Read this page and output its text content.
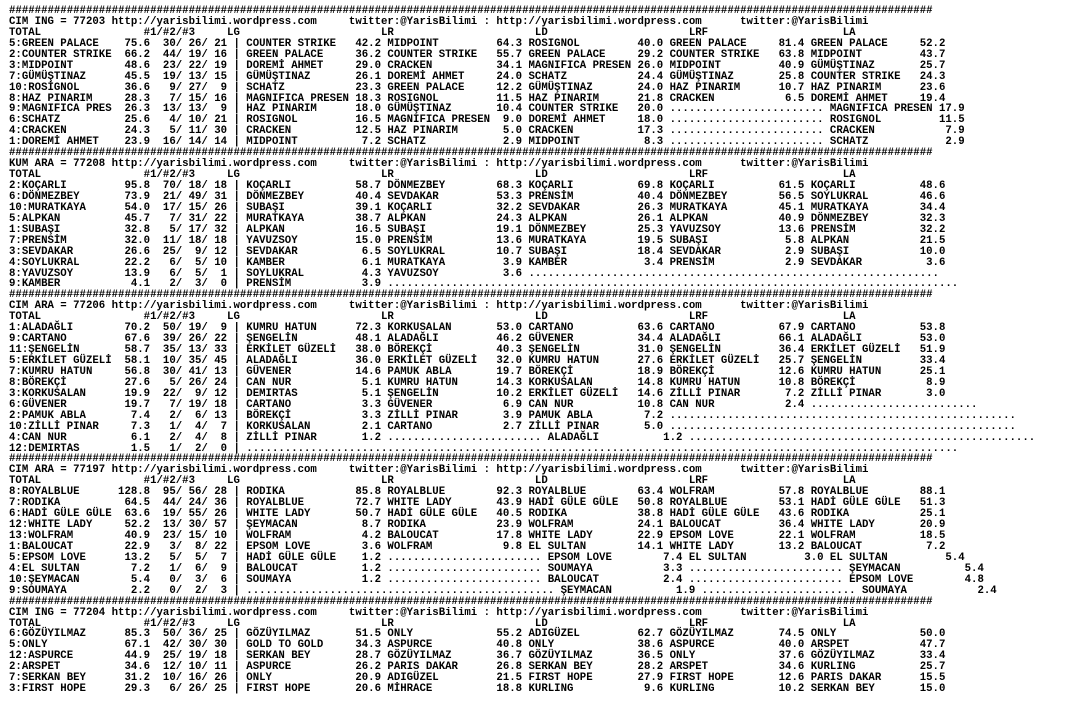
################################################################################################################################################
CIM ING = 77203 http://yarisbilimi.wordpress.com     twitter:@YarisBilimi : http://yarisbilimi.wordpress.com      twitter:@YarisBilimi
TOTAL                #1/#2/#3     LG                      LR                      LD                      LRF                     LA
5:GREEN PALACE    75.6  30/ 26/ 21 | COUNTER STRIKE   42.2 MIDPOINT         64.3 ROSIGNOL         40.0 GREEN PALACE     81.4 GREEN PALACE     52.2
2:COUNTER STRIKE  66.2  44/ 19/ 16 | GREEN PALACE     36.2 COUNTER STRIKE   55.7 GREEN PALACE     29.2 COUNTER STRIKE   63.8 MIDPOINT         43.7
3:MIDPOINT        48.6  23/ 22/ 19 | DOREMİ AHMET     29.0 CRACKEN          34.1 MAGNIFICA PRESEN 26.0 MIDPOINT         40.9 GÜMÜŞTINAZ       25.7
7:GÜMÜŞTINAZ      45.5  19/ 13/ 15 | GÜMÜŞTINAZ       26.1 DOREMİ AHMET     24.0 SCHATZ           24.4 GÜMÜŞTINAZ       25.8 COUNTER STRIKE   24.3
10:ROSİGNOL       36.6   9/ 27/  9 | SCHATZ           23.3 GREEN PALACE     12.2 GÜMÜŞTINAZ       24.0 HAZ PINARIM      10.7 HAZ PINARIM      23.6
8:HAZ PINARIM     28.3   7/ 15/ 16 | MAGNIFICA PRESEN 18.3 ROSIGNOL         11.5 HAZ PINARIM      21.8 CRACKEN           6.5 DOREMİ AHMET     19.4
9:MAGNIFICA PRES  26.3  13/ 13/  9 | HAZ PINARIM      18.0 GÜMÜŞTINAZ       10.4 COUNTER STRIKE   20.0 ........................ MAGNIFICA PRESEN 17.9
6:SCHATZ          25.6   4/ 10/ 21 | ROSIGNOL         16.5 MAGNIFICA PRESEN  9.0 DOREMİ AHMET     18.0 ........................ ROSIGNOL         11.5
4:CRACKEN         24.3   5/ 11/ 30 | CRACKEN          12.5 HAZ PINARIM       5.0 CRACKEN          17.3 ........................ CRACKEN           7.9
1:DOREMİ AHMET    23.9  16/ 14/ 14 | MIDPOINT          7.2 SCHATZ            2.9 MIDPOINT          8.3 ........................ SCHATZ            2.9
################################################################################################################################################
KUM ARA = 77208 http://yarisbilimi.wordpress.com     twitter:@YarisBilimi : http://yarisbilimi.wordpress.com      twitter:@YarisBilimi
TOTAL                #1/#2/#3     LG                      LR                      LD                      LRF                     LA
2:KOÇARLI         95.8  70/ 18/ 18 | KOÇARLI          58.7 DÖNMEZBEY        68.3 KOÇARLI          69.8 KOÇARLI          61.5 KOÇARLI          48.6
6:DÖNMEZBEY       73.9  21/ 49/ 31 | DÖNMEZBEY        40.4 SEVDAKAR         53.3 PRENSİM          40.4 DÖNMEZBEY        56.5 SOYLUKRAL        46.6
10:MURATKAYA      54.0  17/ 15/ 26 | SUBAŞI           39.1 KOÇARLI          32.2 SEVDAKAR         26.3 MURATKAYA        45.1 MURATKAYA        34.4
5:ALPKAN          45.7   7/ 31/ 22 | MURATKAYA        38.7 ALPKAN           24.3 ALPKAN           26.1 ALPKAN           40.9 DÖNMEZBEY        32.3
1:SUBAŞI          32.8   5/ 17/ 32 | ALPKAN           16.5 SUBAŞI           19.1 DÖNMEZBEY        25.3 YAVUZSOY         13.6 PRENSİM          32.2
7:PRENSİM         32.0  11/ 18/ 18 | YAVUZSOY         15.0 PRENSİM          13.6 MURATKAYA        19.5 SUBAŞI            5.8 ALPKAN           21.5
3:SEVDAKAR        26.6  25/  9/ 12 | SEVDAKAR          6.5 SOYLUKRAL        10.7 SUBAŞI           18.4 SEVDAKAR          2.9 SUBAŞI           10.0
4:SOYLUKRAL       22.2   6/  5/ 10 | KAMBER            6.1 MURATKAYA         3.9 KAMBER            3.4 PRENSİM           2.9 SEVDAKAR          3.6
8:YAVUZSOY        13.9   6/  5/  1 | SOYLUKRAL         4.3 YAVUZSOY          3.6 ................................................................
9:KAMBER           4.1   2/  3/  0 | PRENSİM           3.9 .........................................................................................
################################################################################################################################################
CIM ARA = 77206 http://yarisbilimi.wordpress.com     twitter:@YarisBilimi : http://yarisbilimi.wordpress.com      twitter:@YarisBilimi
TOTAL                #1/#2/#3     LG                      LR                      LD                      LRF                     LA
1:ALADAĞLI        70.2  50/ 19/  9 | KUMRU HATUN      72.3 KORKUSALAN       53.0 CARTANO          63.6 CARTANO          67.9 CARTANO          53.8
9:CARTANO         67.6  39/ 26/ 22 | ŞENGELİN         48.1 ALADAĞLI         46.2 GÜVENER          34.4 ALADAĞLI         66.1 ALADAĞLI         53.0
11:ŞENGELİN       58.7  35/ 13/ 33 | ERKİLET GÜZELİ   38.0 BÖREKÇİ          40.3 ŞENGELİN         31.0 ŞENGELİN         36.4 ERKİLET GÜZELİ   51.9
5:ERKİLET GÜZELİ  58.1  10/ 35/ 45 | ALADAĞLI         36.0 ERKİLET GÜZELİ   32.0 KUMRU HATUN      27.6 ERKİLET GÜZELİ   25.7 ŞENGELİN         33.4
7:KUMRU HATUN     56.8  30/ 41/ 13 | GÜVENER          14.6 PAMUK ABLA       19.7 BÖREKÇİ          18.9 BÖREKÇİ          12.6 KUMRU HATUN      25.1
8:BÖREKÇİ         27.6   5/ 26/ 24 | CAN NUR           5.1 KUMRU HATUN      14.3 KORKUSALAN       14.8 KUMRU HATUN      10.8 BÖREKÇİ           8.9
3:KORKUSALAN      19.9  22/  9/ 12 | DEMIRTAS          5.1 ŞENGELİN         10.2 ERKİLET GÜZELİ   14.6 ZİLLİ PINAR       7.2 ZİLLİ PINAR       3.0
6:GÜVENER         19.7   7/ 19/ 18 | CARTANO           3.3 GÜVENER           6.9 CAN NUR          10.8 CAN NUR           2.4 ..........................
2:PAMUK ABLA       7.4   2/  6/ 13 | BÖREKÇİ           3.3 ZİLLİ PINAR       3.9 PAMUK ABLA        7.2 ......................................................
10:ZİLLİ PINAR     7.3   1/  4/  7 | KORKUSALAN        2.1 CARTANO           2.7 ZİLLİ PINAR       5.0 ......................................................
4:CAN NUR          6.1   2/  4/  8 | ZİLLİ PINAR       1.2 ........................ ALADAĞLI          1.2 ......................................................
12:DEMIRTAS        1.5   1/  2/  0 | ...............................................................................................................
################################################################################################################################################
CIM ARA = 77197 http://yarisbilimi.wordpress.com     twitter:@YarisBilimi : http://yarisbilimi.wordpress.com      twitter:@YarisBilimi
TOTAL                #1/#2/#3     LG                      LR                      LD                      LRF                     LA
8:ROYALBLUE      128.8  95/ 56/ 28 | RODIKA           85.8 ROYALBLUE        92.3 ROYALBLUE        63.4 WOLFRAM          57.8 ROYALBLUE        88.1
7:RODIKA          64.5  44/ 24/ 36 | ROYALBLUE        72.7 WHITE LADY       43.9 HADİ GÜLE GÜLE   50.8 ROYALBLUE        53.1 HADİ GÜLE GÜLE   51.3
6:HADİ GÜLE GÜLE  63.6  19/ 55/ 26 | WHITE LADY       50.7 HADİ GÜLE GÜLE   40.5 RODIKA           38.8 HADİ GÜLE GÜLE   43.6 RODIKA           25.1
12:WHITE LADY     52.2  13/ 30/ 57 | ŞEYMACAN          8.7 RODIKA           23.9 WOLFRAM          24.1 BALOUCAT         36.4 WHITE LADY       20.9
13:WOLFRAM        40.9  23/ 15/ 10 | WOLFRAM           4.2 BALOUCAT         17.8 WHITE LADY       22.9 EPSOM LOVE       22.1 WOLFRAM          18.5
1:BALOUCAT        22.9   3/  8/ 22 | EPSOM LOVE        3.6 WOLFRAM           9.8 EL SULTAN        14.1 WHITE LADY       13.2 BALOUCAT          7.2
5:EPSOM LOVE      13.2   5/  5/  7 | HADİ GÜLE GÜLE    1.2 ........................ EPSOM LOVE        7.4 EL SULTAN         3.0 EL SULTAN         5.4
4:EL SULTAN        7.2   1/  6/  9 | BALOUCAT          1.2 ........................ SOUMAYA           3.3 ........................ ŞEYMACAN          5.4
10:ŞEYMACAN        5.4   0/  3/  6 | SOUMAYA           1.2 ........................ BALOUCAT          2.4 ........................ EPSOM LOVE        4.8
9:SOUMAYA          2.2   0/  2/  3 | ................................................ ŞEYMACAN          1.9 ........................ SOUMAYA           2.4
################################################################################################################################################
CIM ING = 77204 http://yarisbilimi.wordpress.com     twitter:@YarisBilimi : http://yarisbilimi.wordpress.com      twitter:@YarisBilimi
TOTAL                #1/#2/#3     LG                      LR                      LD                      LRF                     LA
6:GÖZÜYILMAZ      85.3  50/ 36/ 25 | GÖZÜYILMAZ       51.5 ONLY             55.2 ADIGÜZEL         62.7 GÖZÜYILMAZ       74.5 ONLY             50.0
5:ONLY            67.1  42/ 30/ 30 | GOLD TO GOLD     34.3 ASPURCE          40.8 ONLY             38.6 ASPURCE          40.0 ARSPET           47.7
12:ASPURCE        44.9  25/ 19/ 18 | SERKAN BEY       28.7 GÖZÜYILMAZ       36.7 GÖZÜYILMAZ       36.5 ONLY             37.6 GÖZÜYILMAZ       33.4
2:ARSPET          34.6  12/ 10/ 11 | ASPURCE          26.2 PARIS DAKAR      26.8 SERKAN BEY       28.2 ARSPET           34.6 KURLING          25.7
7:SERKAN BEY      31.2  10/ 16/ 26 | ONLY             20.9 ADIGÜZEL         21.5 FIRST HOPE       27.9 FIRST HOPE       12.6 PARIS DAKAR      15.5
3:FIRST HOPE      29.3   6/ 26/ 25 | FIRST HOPE       20.6 MİHRACE          18.8 KURLING           9.6 KURLING          10.2 SERKAN BEY       15.0
